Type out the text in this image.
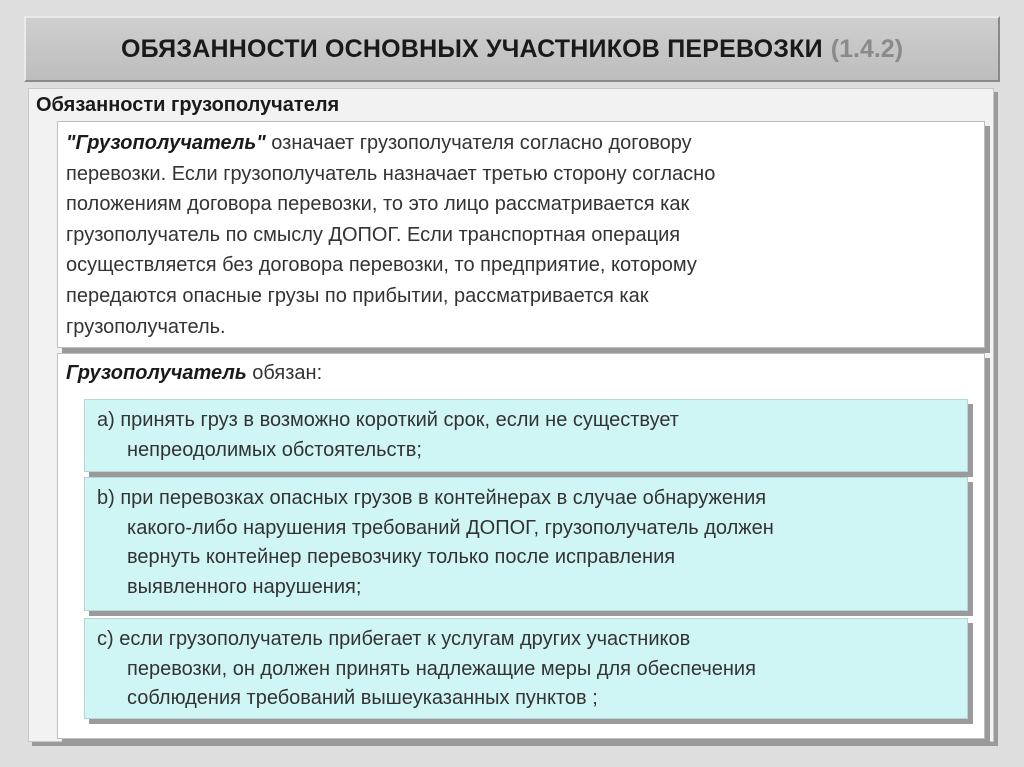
ОБЯЗАННОСТИ ОСНОВНЫХ УЧАСТНИКОВ ПЕРЕВОЗКИ (1.4.2)
Обязанности грузополучателя
"Грузополучатель" означает грузополучателя согласно договору
перевозки. Если грузополучатель назначает третью сторону согласно
положениям договора перевозки, то это лицо рассматривается как
грузополучатель по смыслу ДОПОГ. Если транспортная операция
осуществляется без договора перевозки, то предприятие, которому
передаются опасные грузы по прибытии, рассматривается как
грузополучатель.
Грузополучатель обязан:
а) принять груз в возможно короткий срок, если не существует
непреодолимых обстоятельств;
b) при перевозках опасных грузов в контейнерах в случае обнаружения
какого-либо нарушения требований ДОПОГ, грузополучатель должен
вернуть контейнер перевозчику только после исправления
выявленного нарушения;
с) если грузополучатель прибегает к услугам других участников
перевозки, он должен принять надлежащие меры для обеспечения
соблюдения требований вышеуказанных пунктов ;
